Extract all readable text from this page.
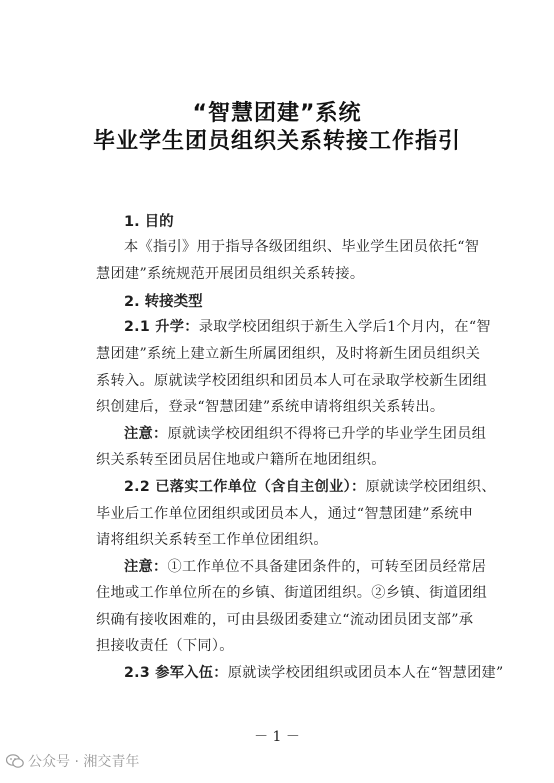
“智慧团建”系统
毕业学生团员组织关系转接工作指引
1. 目的
本《指引》用于指导各级团组织、毕业学生团员依托“智
慧团建”系统规范开展团员组织关系转接。
2. 转接类型
2.1 升学：录取学校团组织于新生入学后1个月内，在“智
慧团建”系统上建立新生所属团组织，及时将新生团员组织关
系转入。原就读学校团组织和团员本人可在录取学校新生团组
织创建后，登录“智慧团建”系统申请将组织关系转出。
注意：原就读学校团组织不得将已升学的毕业学生团员组
织关系转至团员居住地或户籍所在地团组织。
2.2 已落实工作单位（含自主创业）：原就读学校团组织、
毕业后工作单位团组织或团员本人，通过“智慧团建”系统申
请将组织关系转至工作单位团组织。
注意：①工作单位不具备建团条件的，可转至团员经常居
住地或工作单位所在的乡镇、街道团组织。②乡镇、街道团组
织确有接收困难的，可由县级团委建立“流动团员团支部”承
担接收责任（下同）。
2.3 参军入伍：原就读学校团组织或团员本人在“智慧团建”
－ 1 －
公众号 · 湘交青年
